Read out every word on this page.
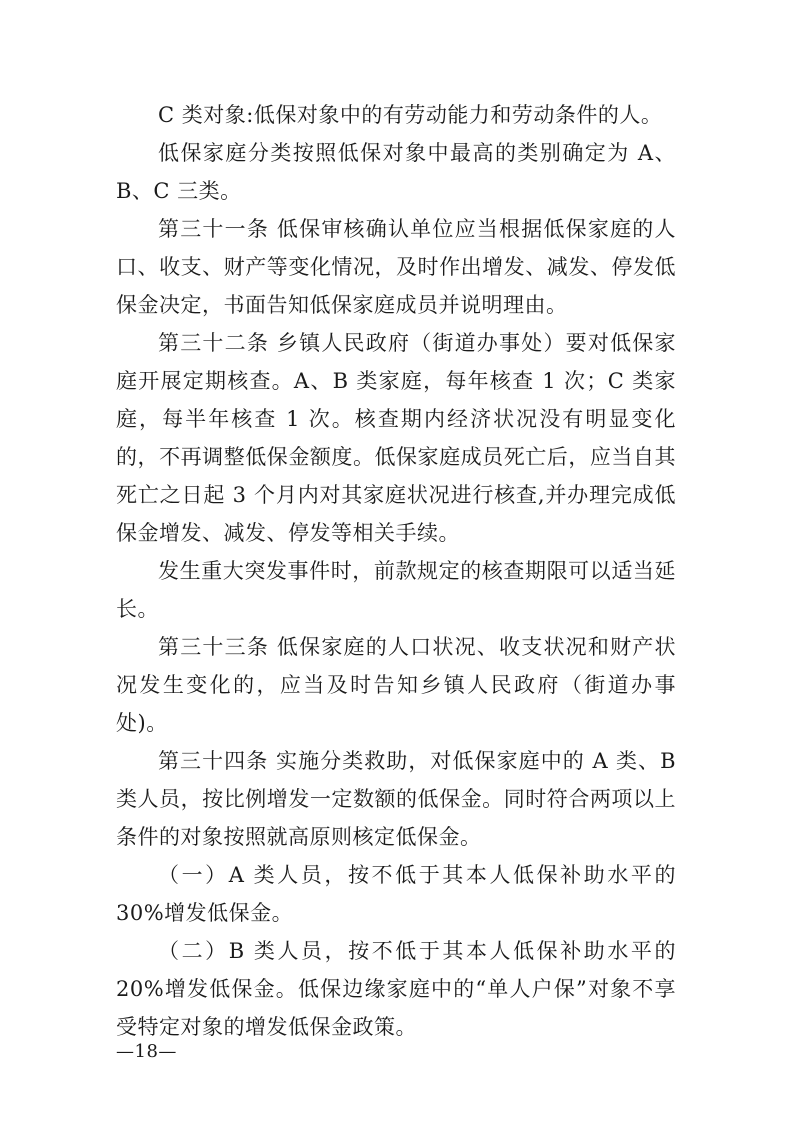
C 类对象:低保对象中的有劳动能力和劳动条件的人。

低保家庭分类按照低保对象中最高的类别确定为 A、B、C 三类。

第三十一条 低保审核确认单位应当根据低保家庭的人口、收支、财产等变化情况，及时作出增发、减发、停发低保金决定，书面告知低保家庭成员并说明理由。

第三十二条 乡镇人民政府（街道办事处）要对低保家庭开展定期核查。A、B 类家庭，每年核查 1 次；C 类家庭，每半年核查 1 次。核查期内经济状况没有明显变化的，不再调整低保金额度。低保家庭成员死亡后，应当自其死亡之日起 3 个月内对其家庭状况进行核查,并办理完成低保金增发、减发、停发等相关手续。

发生重大突发事件时，前款规定的核查期限可以适当延长。

第三十三条 低保家庭的人口状况、收支状况和财产状况发生变化的，应当及时告知乡镇人民政府（街道办事处)。

第三十四条 实施分类救助，对低保家庭中的 A 类、B 类人员，按比例增发一定数额的低保金。同时符合两项以上条件的对象按照就高原则核定低保金。

（一）A 类人员，按不低于其本人低保补助水平的 30%增发低保金。

（二）B 类人员，按不低于其本人低保补助水平的 20%增发低保金。低保边缘家庭中的“单人户保”对象不享受特定对象的增发低保金政策。

—18—
